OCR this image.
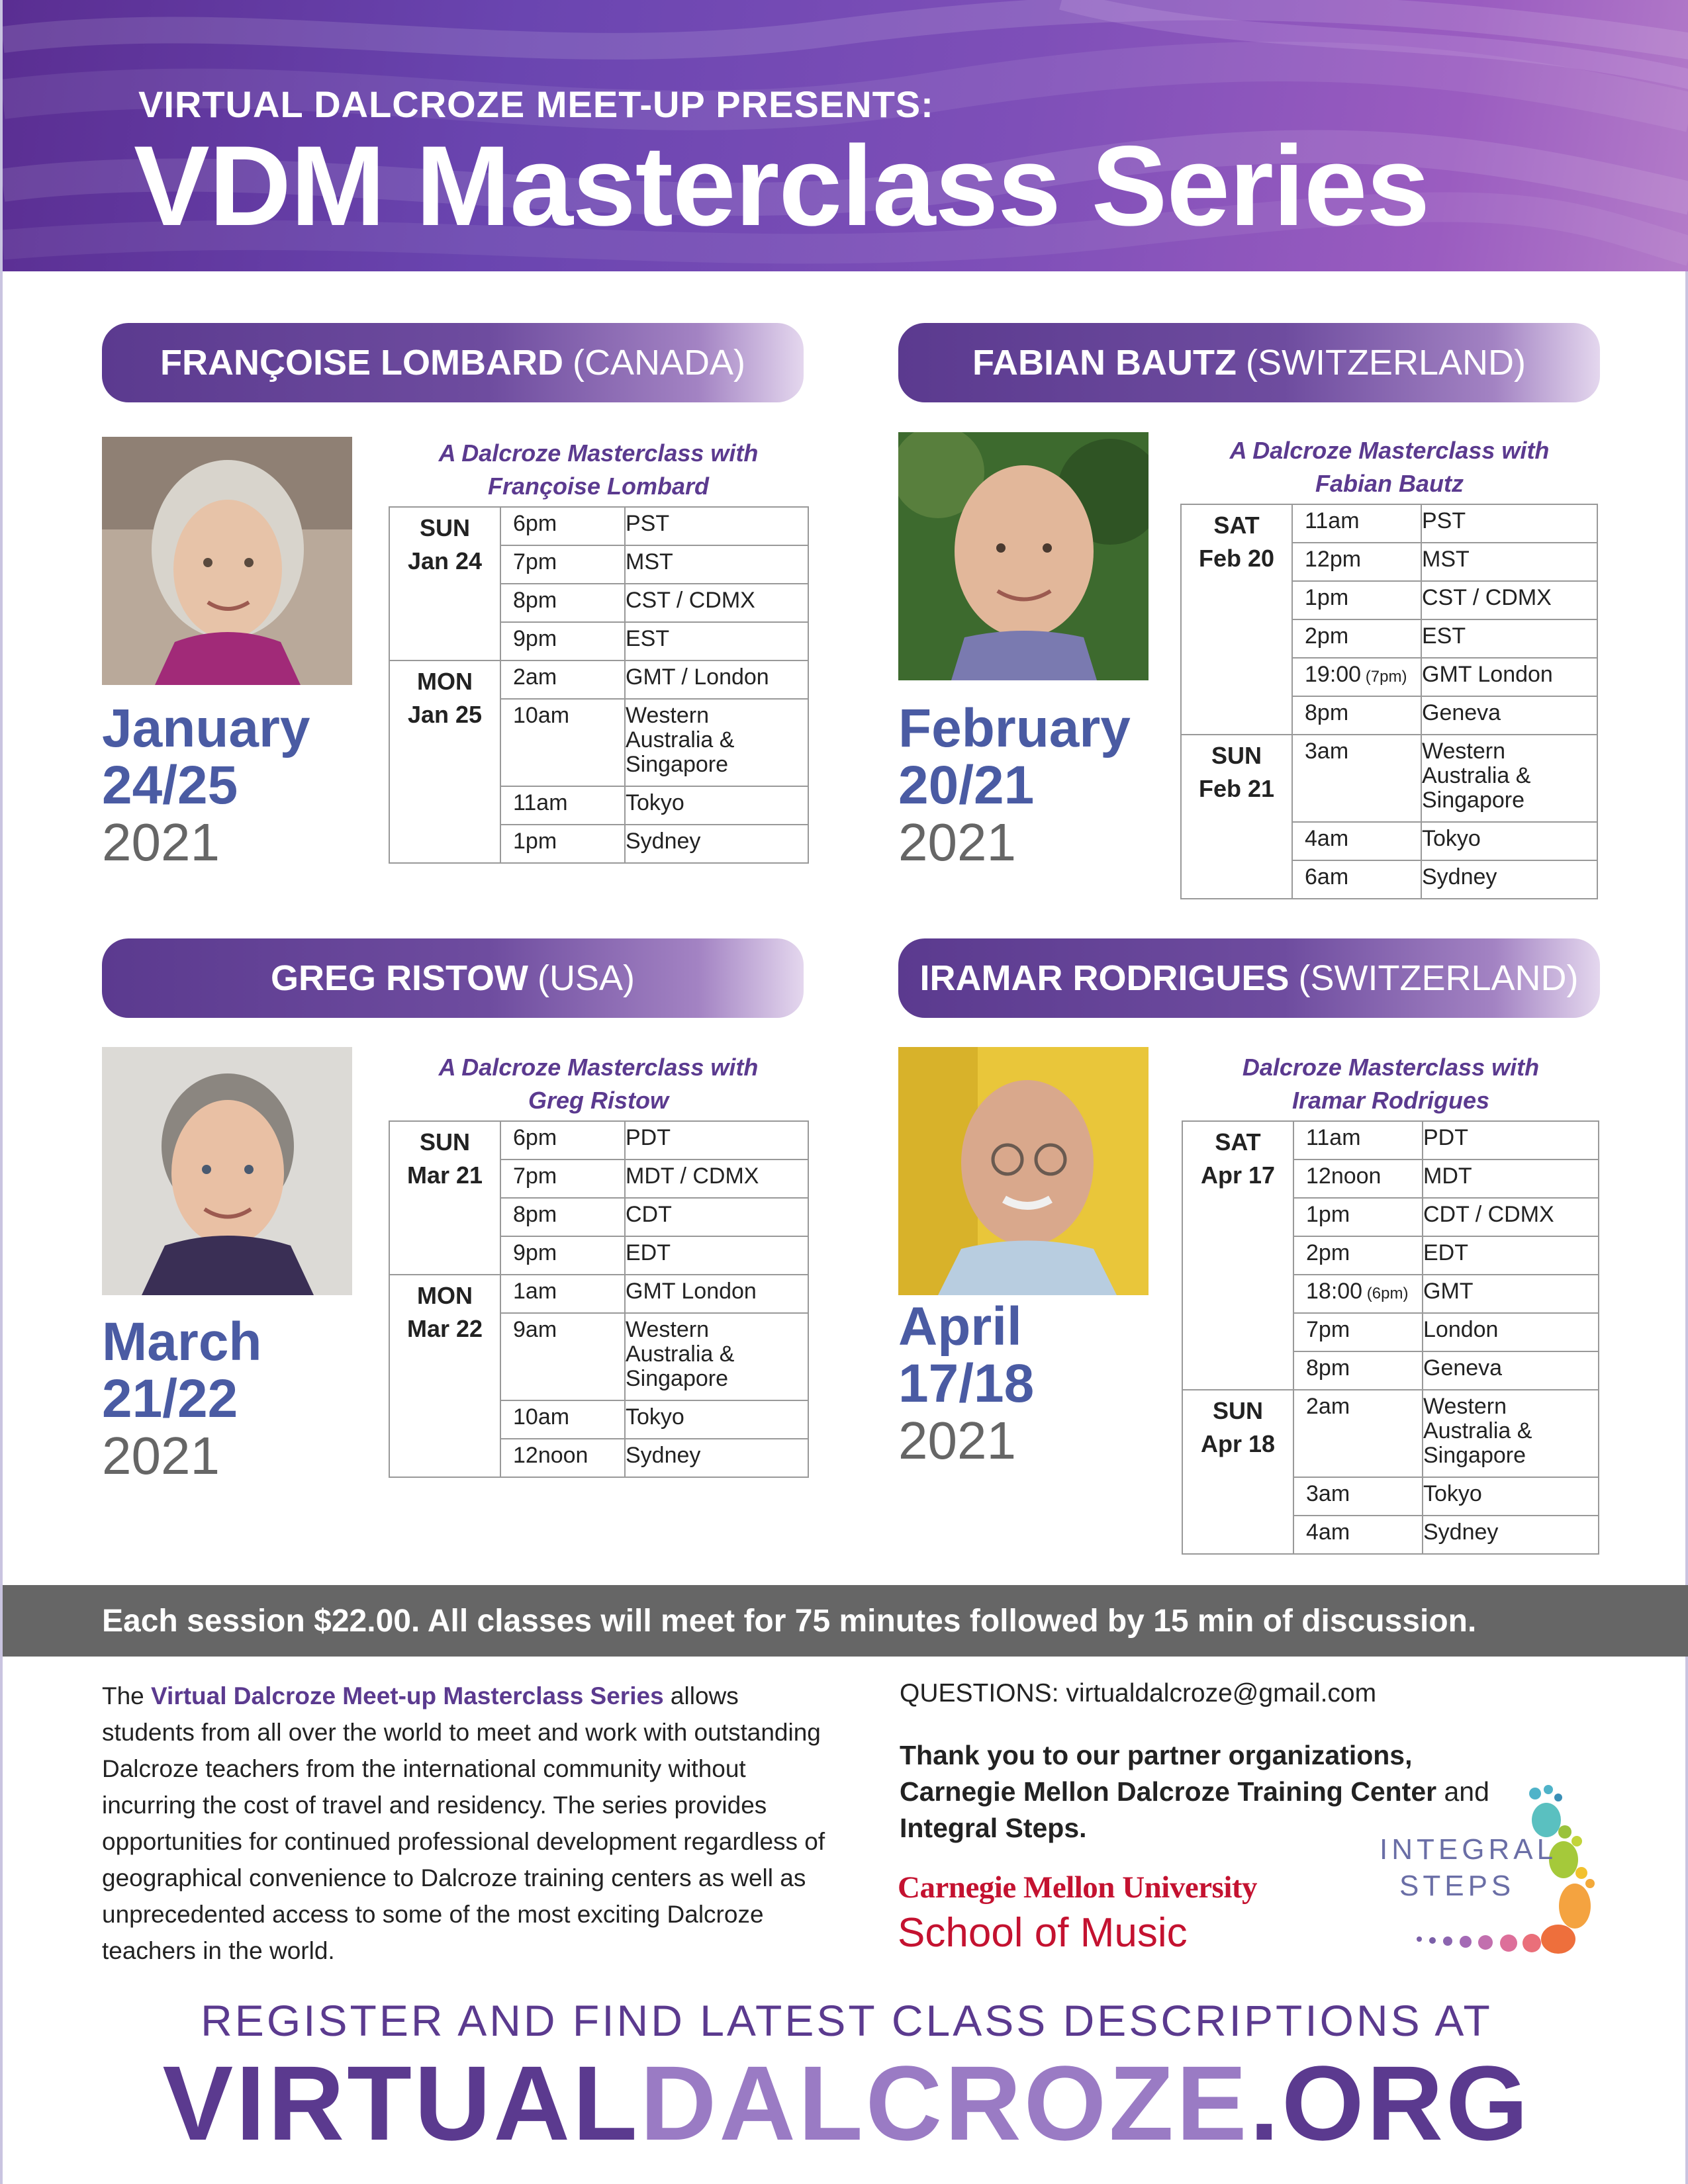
VIRTUAL DALCROZE MEET-UP PRESENTS:
VDM Masterclass Series
FRANÇOISE LOMBARD (CANADA)
January
24/25
2021
A Dalcroze Masterclass with
Françoise Lombard
SUN
Jan 24	6pm	PST

	7pm	MST

	8pm	CST / CDMX

	9pm	EST

MON
Jan 25	2am	GMT / London

	10am	Western
Australia &
Singapore

	11am	Tokyo

	1pm	Sydney
FABIAN BAUTZ (SWITZERLAND)
February
20/21
2021
A Dalcroze Masterclass with
Fabian Bautz
SAT
Feb 20	11am	PST

	12pm	MST

	1pm	CST / CDMX

	2pm	EST

	19:00 (7pm)	GMT London

	8pm	Geneva

SUN
Feb 21	3am	Western
Australia &
Singapore

	4am	Tokyo

	6am	Sydney
GREG RISTOW (USA)
March
21/22
2021
A Dalcroze Masterclass with
Greg Ristow
SUN
Mar 21	6pm	PDT

	7pm	MDT / CDMX

	8pm	CDT

	9pm	EDT

MON
Mar 22	1am	GMT London

	9am	Western
Australia &
Singapore

	10am	Tokyo

	12noon	Sydney
IRAMAR RODRIGUES (SWITZERLAND)
April
17/18
2021
Dalcroze Masterclass with
Iramar Rodrigues
SAT
Apr 17	11am	PDT

	12noon	MDT

	1pm	CDT / CDMX

	2pm	EDT

	18:00 (6pm)	GMT

	7pm	London

	8pm	Geneva

SUN
Apr 18	2am	Western
Australia &
Singapore

	3am	Tokyo

	4am	Sydney
Each session $22.00. All classes will meet for 75 minutes followed by 15 min of discussion.
The Virtual Dalcroze Meet-up Masterclass Series allows students from all over the world to meet and work with outstanding Dalcroze teachers from the international community without incurring the cost of travel and residency. The series provides opportunities for continued professional development regardless of geographical convenience to Dalcroze training centers as well as unprecedented access to some of the most exciting Dalcroze teachers in the world.
QUESTIONS: virtualdalcroze@gmail.com
Thank you to our partner organizations, Carnegie Mellon Dalcroze Training Center and Integral Steps.
Carnegie Mellon University
School of Music
INTEGRAL
STEPS
REGISTER AND FIND LATEST CLASS DESCRIPTIONS AT
VIRTUALDALCROZE.ORG
